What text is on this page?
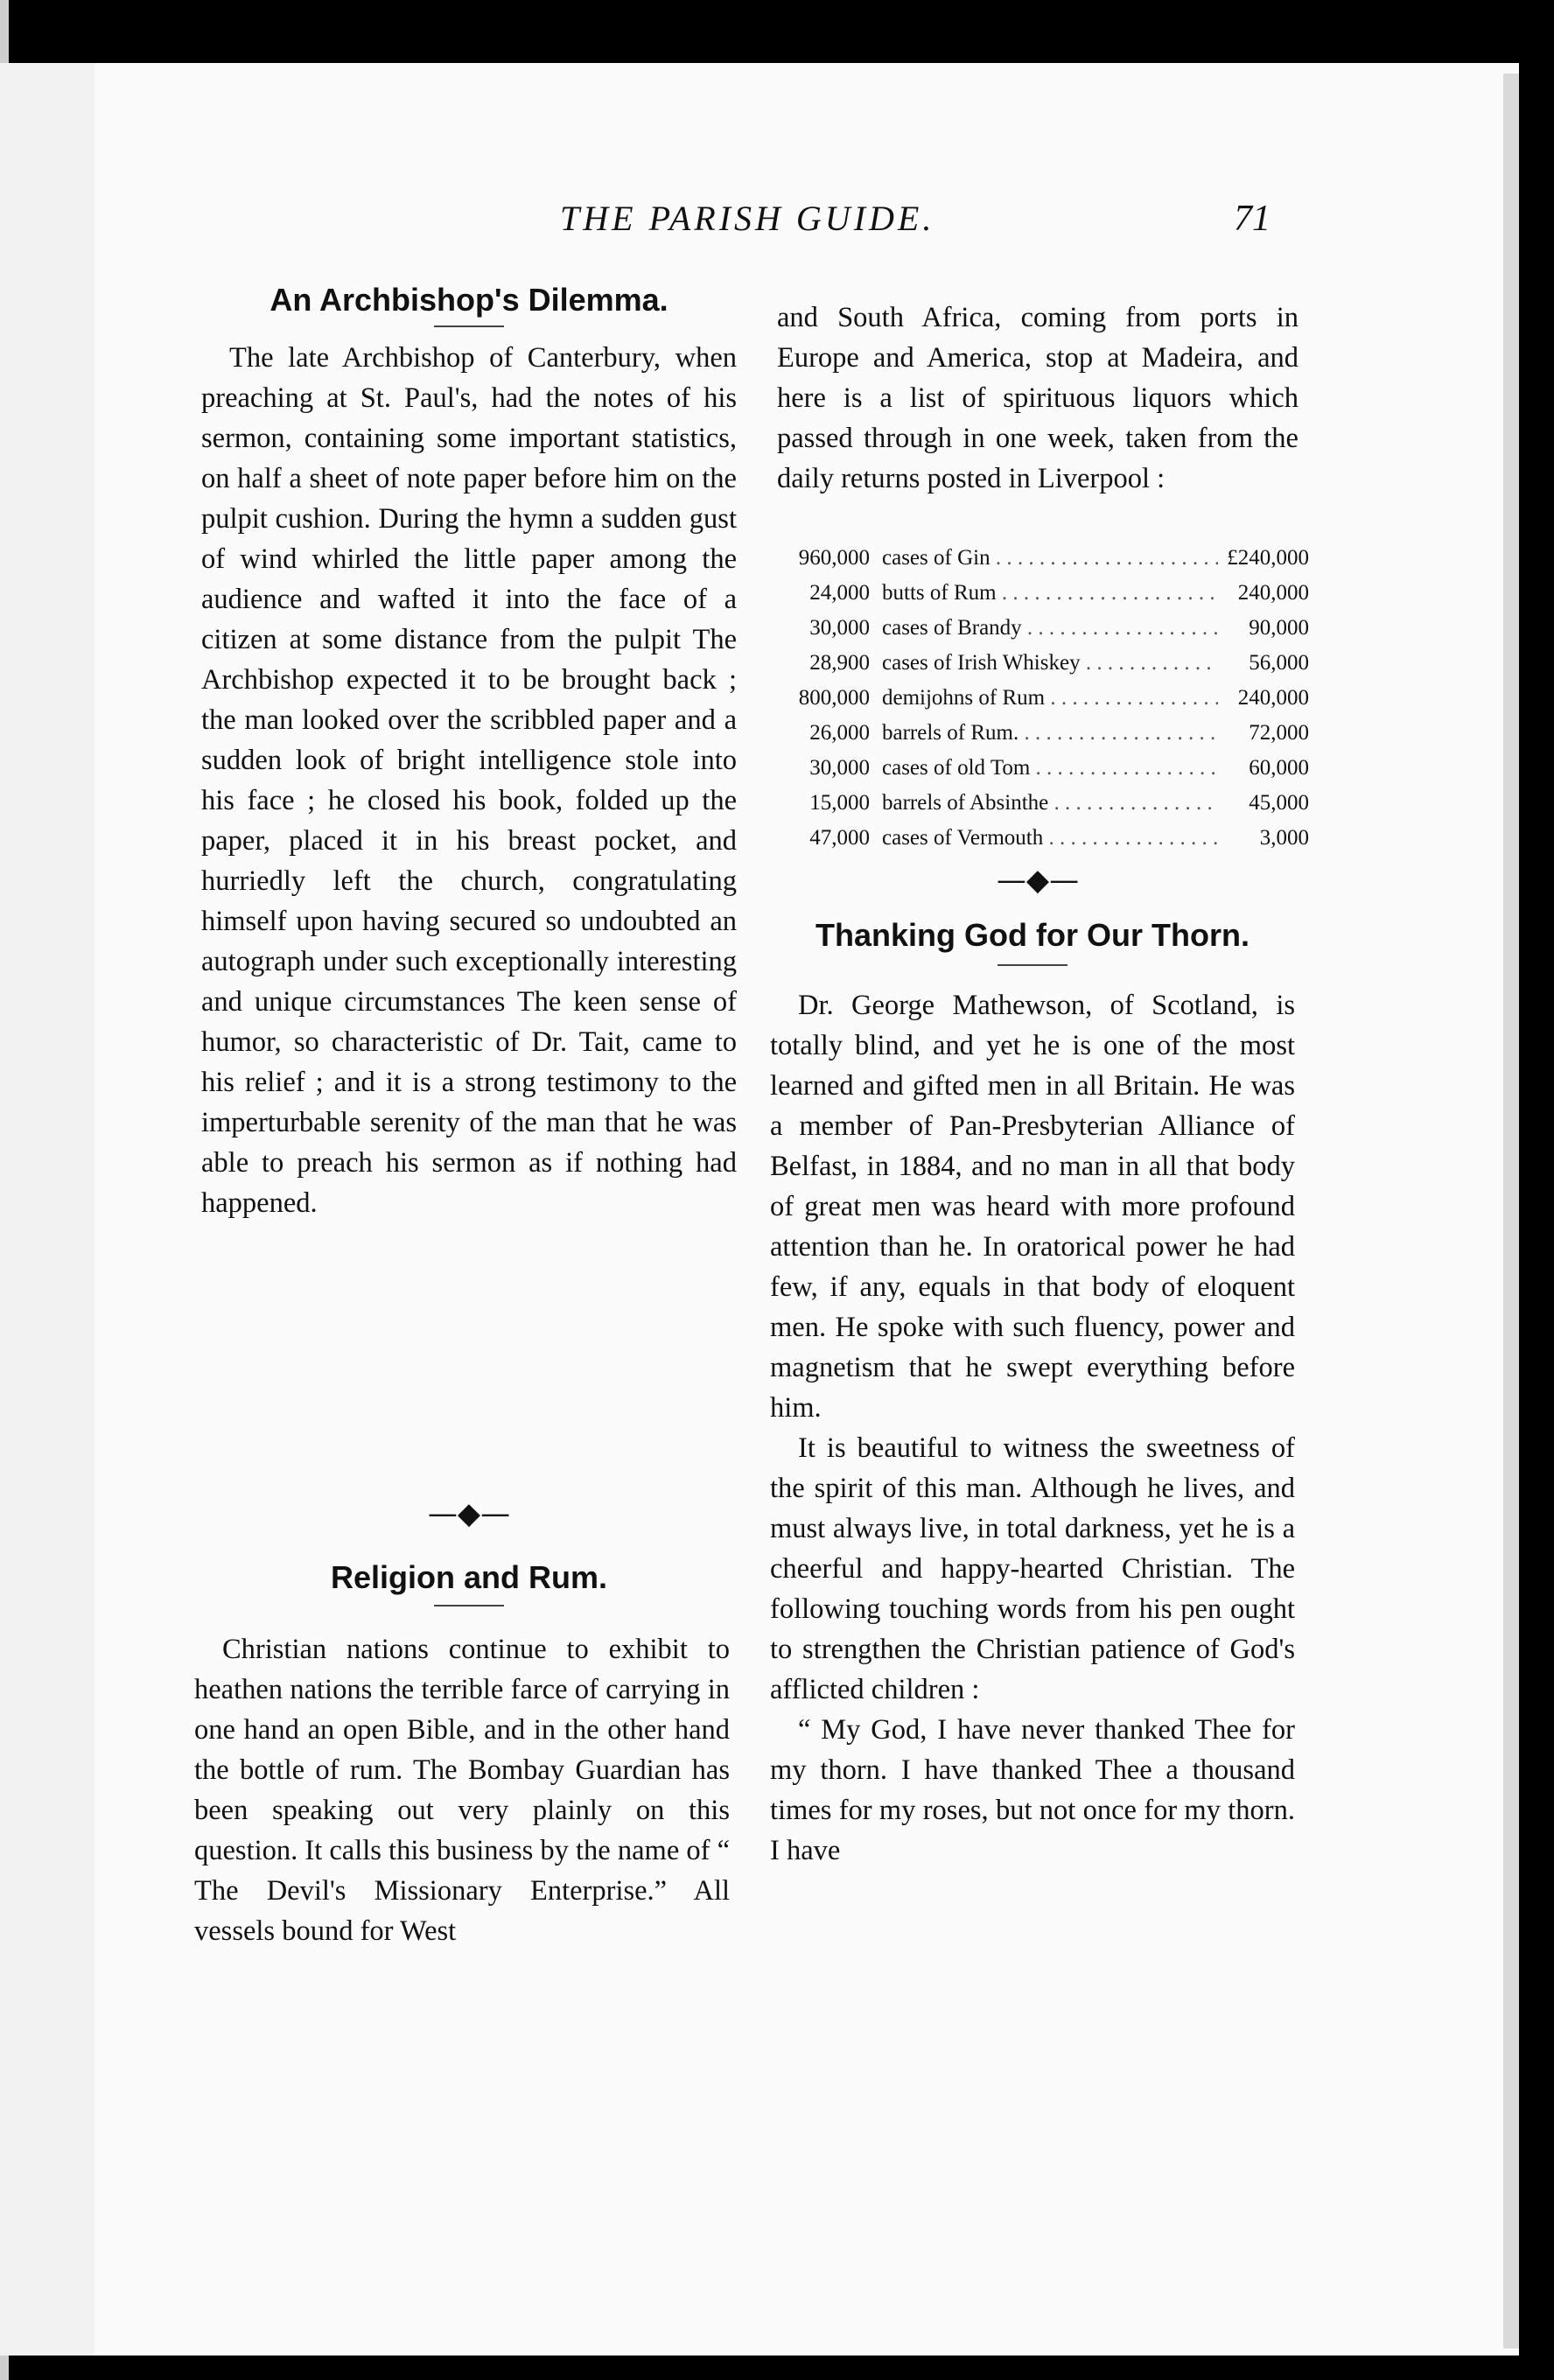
THE PARISH GUIDE.	71
An Archbishop's Dilemma.

The late Archbishop of Canterbury, when preaching at St. Paul's, had the notes of his sermon, containing some important statistics, on half a sheet of note paper before him on the pulpit cushion. During the hymn a sudden gust of wind whirled the little paper among the audience and wafted it into the face of a citizen at some distance from the pulpit The Archbishop expected it to be brought back ; the man looked over the scribbled paper and a sudden look of bright intelligence stole into his face ; he closed his book, folded up the paper, placed it in his breast pocket, and hurriedly left the church, congratulating himself upon having secured so undoubted an autograph under such exceptionally interesting and unique circumstances The keen sense of humor, so characteristic of Dr. Tait, came to his relief ; and it is a strong testimony to the imperturbable serenity of the man that he was able to preach his sermon as if nothing had happened.

—◆—
Religion and Rum.

Christian nations continue to exhibit to heathen nations the terrible farce of carrying in one hand an open Bible, and in the other hand the bottle of rum. The Bombay Guardian has been speaking out very plainly on this question. It calls this business by the name of “ The Devil's Missionary Enterprise.” All vessels bound for West

and South Africa, coming from ports in Europe and America, stop at Madeira, and here is a list of spirituous liquors which passed through in one week, taken from the daily returns posted in Liverpool :

960,000 cases of Gin . . .	£240,000
24,000 butts of Rum . . .	240,000
30,000 cases of Brandy . . .	90,000
28,900 cases of Irish Whiskey . . .	56,000
800,000 demijohns of Rum . . .	240,000
26,000 barrels of Rum. . . .	72,000
30,000 cases of old Tom . . .	60,000
15,000 barrels of Absinthe . . .	45,000
47,000 cases of Vermouth . . .	3,000
—◆—
Thanking God for Our Thorn.

Dr. George Mathewson, of Scotland, is totally blind, and yet he is one of the most learned and gifted men in all Britain. He was a member of Pan-Presbyterian Alliance of Belfast, in 1884, and no man in all that body of great men was heard with more profound attention than he. In oratorical power he had few, if any, equals in that body of eloquent men. He spoke with such fluency, power and magnetism that he swept everything before him.

It is beautiful to witness the sweetness of the spirit of this man. Although he lives, and must always live, in total darkness, yet he is a cheerful and happy-hearted Christian. The following touching words from his pen ought to strengthen the Christian patience of God's afflicted children :

“ My God, I have never thanked Thee for my thorn. I have thanked Thee a thousand times for my roses, but not once for my thorn. I have
